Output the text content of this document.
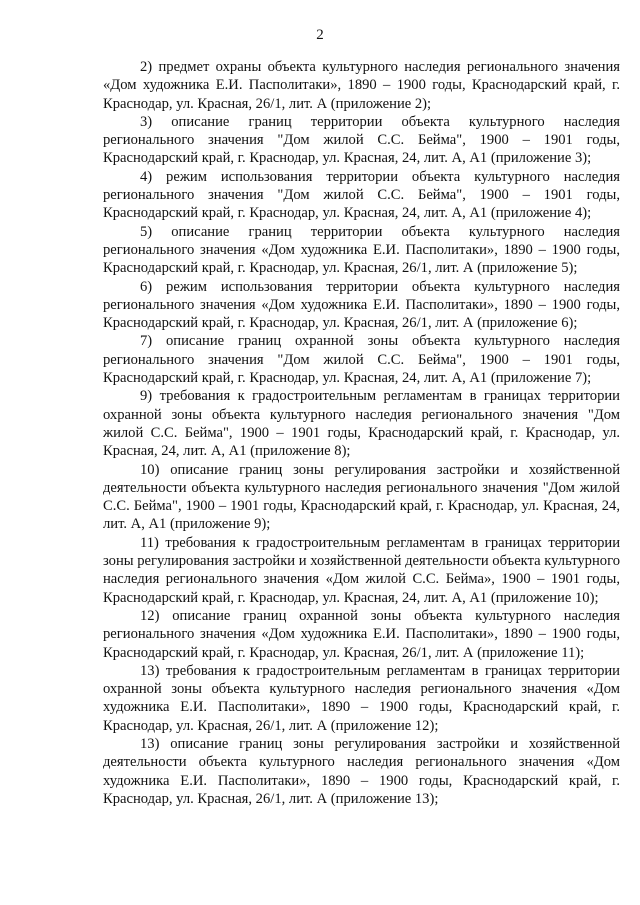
2

2) предмет охраны объекта культурного наследия регионального значения «Дом художника Е.И. Пасполитаки», 1890 – 1900 годы, Краснодарский край, г. Краснодар, ул. Красная, 26/1, лит. А (приложение 2);

3) описание границ территории объекта культурного наследия регионального значения "Дом жилой С.С. Бейма", 1900 – 1901 годы, Краснодарский край, г. Краснодар, ул. Красная, 24, лит. А, А1 (приложение 3);

4) режим использования территории объекта культурного наследия регионального значения "Дом жилой С.С. Бейма", 1900 – 1901 годы, Краснодарский край, г. Краснодар, ул. Красная, 24, лит. А, А1 (приложение 4);

5) описание границ территории объекта культурного наследия регионального значения «Дом художника Е.И. Пасполитаки», 1890 – 1900 годы, Краснодарский край, г. Краснодар, ул. Красная, 26/1, лит. А (приложение 5);

6) режим использования территории объекта культурного наследия регионального значения «Дом художника Е.И. Пасполитаки», 1890 – 1900 годы, Краснодарский край, г. Краснодар, ул. Красная, 26/1, лит. А (приложение 6);

7) описание границ охранной зоны объекта культурного наследия регионального значения "Дом жилой С.С. Бейма", 1900 – 1901 годы, Краснодарский край, г. Краснодар, ул. Красная, 24, лит. А, А1 (приложение 7);

9) требования к градостроительным регламентам в границах территории охранной зоны объекта культурного наследия регионального значения "Дом жилой С.С. Бейма", 1900 – 1901 годы, Краснодарский край, г. Краснодар, ул. Красная, 24, лит. А, А1 (приложение 8);

10) описание границ зоны регулирования застройки и хозяйственной деятельности объекта культурного наследия регионального значения "Дом жилой С.С. Бейма", 1900 – 1901 годы, Краснодарский край, г. Краснодар, ул. Красная, 24, лит. А, А1 (приложение 9);

11) требования к градостроительным регламентам в границах территории зоны регулирования застройки и хозяйственной деятельности объекта культурного наследия регионального значения «Дом жилой С.С. Бейма», 1900 – 1901 годы, Краснодарский край, г. Краснодар, ул. Красная, 24, лит. А, А1 (приложение 10);

12) описание границ охранной зоны объекта культурного наследия регионального значения «Дом художника Е.И. Пасполитаки», 1890 – 1900 годы, Краснодарский край, г. Краснодар, ул. Красная, 26/1, лит. А (приложение 11);

13) требования к градостроительным регламентам в границах территории охранной зоны объекта культурного наследия регионального значения «Дом художника Е.И. Пасполитаки», 1890 – 1900 годы, Краснодарский край, г. Краснодар, ул. Красная, 26/1, лит. А (приложение 12);

13) описание границ зоны регулирования застройки и хозяйственной деятельности объекта культурного наследия регионального значения «Дом художника Е.И. Пасполитаки», 1890 – 1900 годы, Краснодарский край, г. Краснодар, ул. Красная, 26/1, лит. А (приложение 13);
